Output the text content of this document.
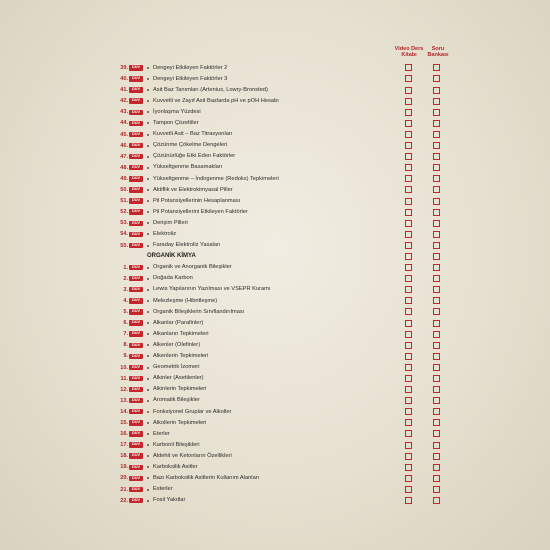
Video Ders Kitabı
Soru Bankası
39.	DÜV	Dengeyi Etkileyen Faktörler 2
40.	DÜV	Dengeyi Etkileyen Faktörler 3
41.	DÜV	Asit Baz Tanımları (Artenius, Lowry-Bronsted)
42.	DÜV	Kuvvetli ve Zayıf Asit Bazlarda pH ve pOH Hesabı
43.	DÜV	İyonlaşma Yüzdesi
44.	DÜV	Tampon Çözeltiler
45.	DÜV	Kuvvetli Asit – Baz Titrasyonları
46.	DÜV	Çözünme Çökelme Dengeleri
47.	DÜV	Çözünürlüğe Etki Eden Faktörler
48.	DÜV	Yükseltgenme Basamakları
49.	DÜV	Yükseltgenme – İndirgenme (Redoks) Tepkimeleri
50.	DÜV	Aktiflik ve Elektrokimyasal Piller
51.	DÜV	Pil Potansiyellerinin Hesaplanması
52.	DÜV	Pil Potansiyellerini Etkileyen Faktörler
53.	DÜV	Derişim Pilleri
54.	DÜV	Elektroliz
55.	DÜV	Faraday Elektroliz Yasaları
ORGANİK KİMYA
1.	DÜV	Organik ve Anorganik Bileşikler
2.	DÜV	Doğada Karbon
3.	DÜV	Lewis Yapılarının Yazılması ve VSEPR Kuramı
4.	DÜV	Melezleşme (Hibritleşme)
5.	DÜV	Organik Bileşiklerin Sınıflandırılması
6.	DÜV	Alkanlar (Parafinler)
7.	DÜV	Alkanların Tepkimeleri
8.	DÜV	Alkenler (Olefinler)
9.	DÜV	Alkenlerin Tepkimeleri
10.	DÜV	Geometrik İzomeri
11.	DÜV	Alkinler (Asetilenler)
12.	DÜV	Alkinlerin Tepkimeleri
13.	DÜV	Aromatik Bileşikler
14.	DÜV	Fonksiyonel Gruplar ve Alkoller
15.	DÜV	Alkollerin Tepkimeleri
16.	DÜV	Eterler
17.	DÜV	Karbonil Bileşikleri
18.	DÜV	Aldehit ve Ketonların Özellikleri
19.	DÜV	Karboksilik Asitler
20.	DÜV	Bazı Karboksilik Asitlerin Kullanım Alanları
21.	DÜV	Esterler
22.	DÜV	Fosil Yakıtlar
